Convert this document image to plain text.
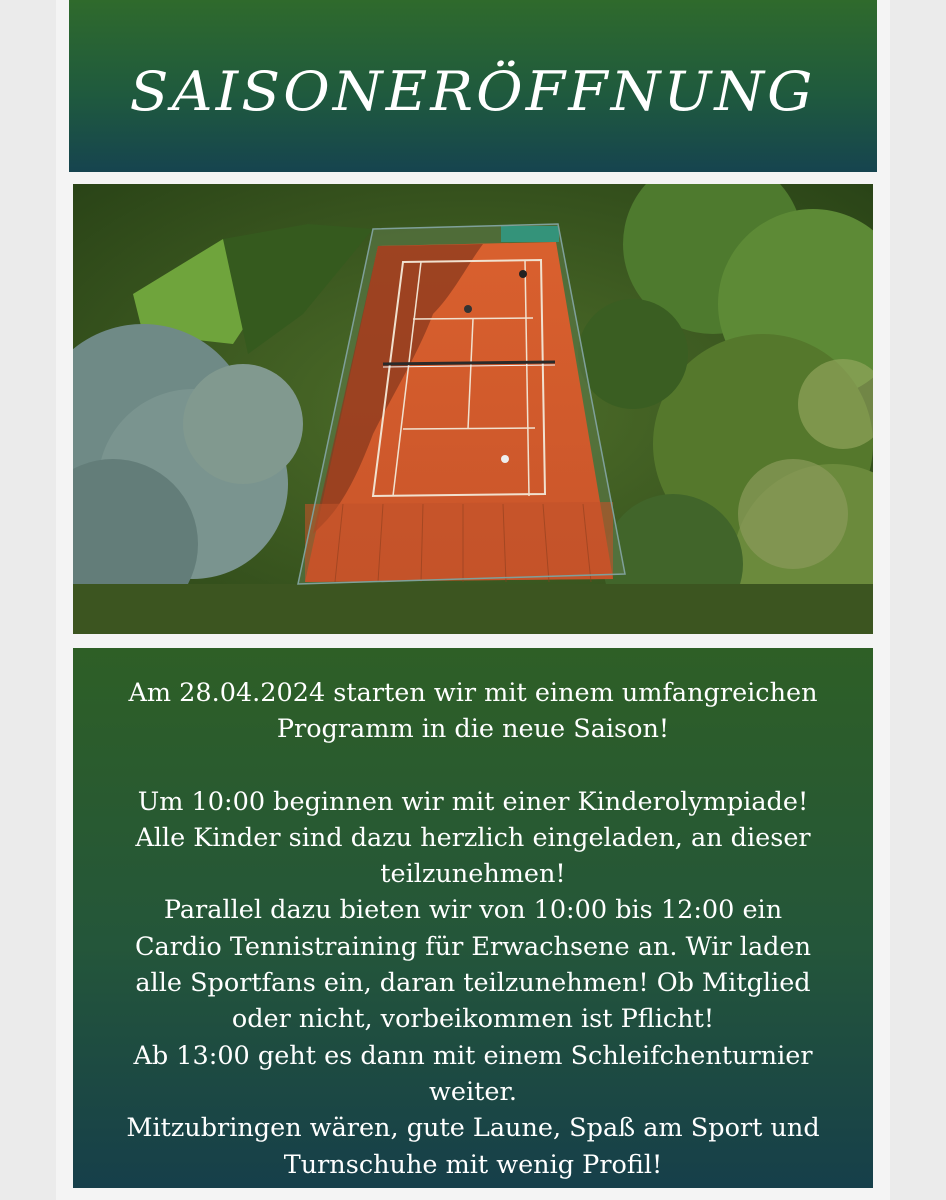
SAISONERÖFFNUNG

Am 28.04.2024 starten wir mit einem umfangreichen

Programm in die neue Saison!

Um 10:00 beginnen wir mit einer Kinderolympiade!

Alle Kinder sind dazu herzlich eingeladen, an dieser

teilzunehmen!

Parallel dazu bieten wir von 10:00 bis 12:00 ein

Cardio Tennistraining für Erwachsene an. Wir laden

alle Sportfans ein, daran teilzunehmen! Ob Mitglied

oder nicht, vorbeikommen ist Pflicht!

Ab 13:00 geht es dann mit einem Schleifchenturnier

weiter.

Mitzubringen wären, gute Laune, Spaß am Sport und

Turnschuhe mit wenig Profil!
